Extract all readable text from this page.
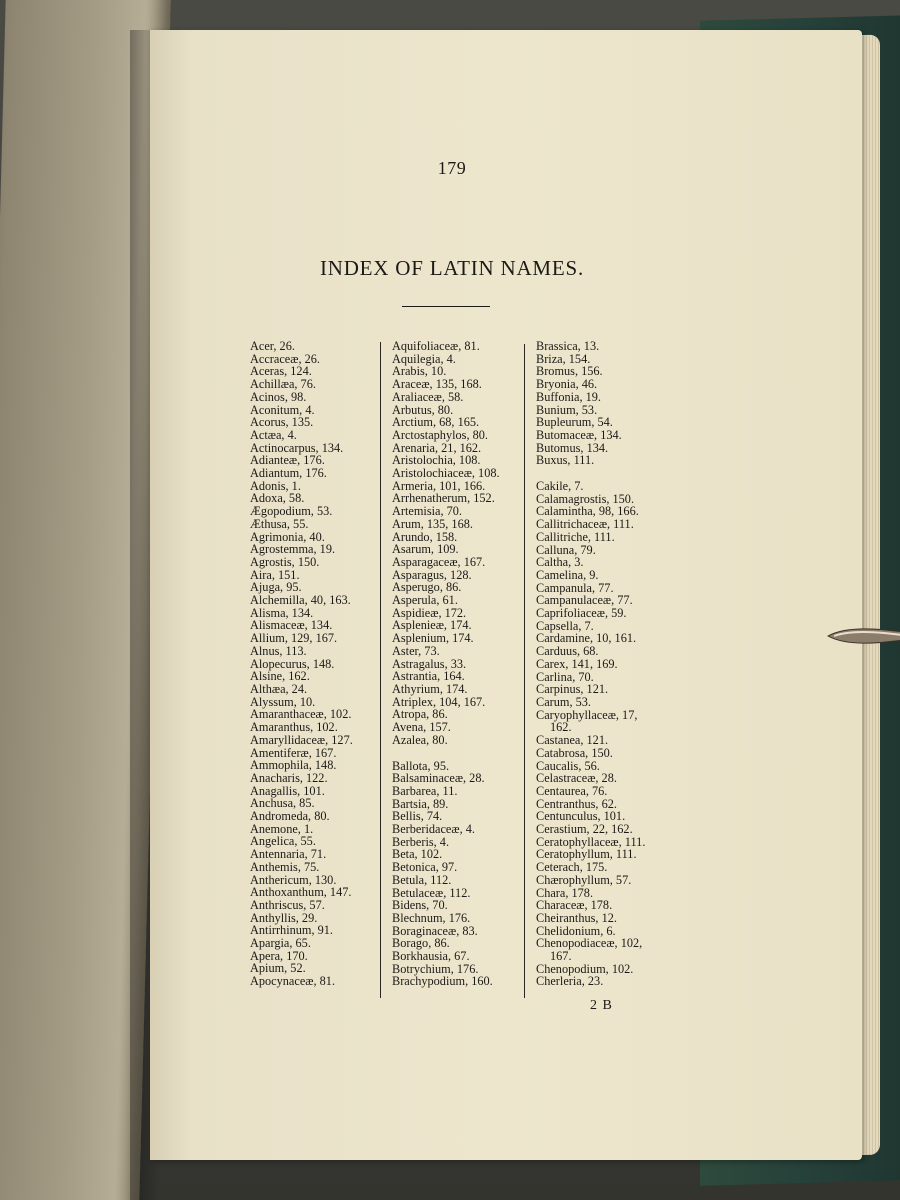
179
INDEX OF LATIN NAMES.
Acer, 26.
Accraceæ, 26.
Aceras, 124.
Achillæa, 76.
Acinos, 98.
Aconitum, 4.
Acorus, 135.
Actæa, 4.
Actinocarpus, 134.
Adianteæ, 176.
Adiantum, 176.
Adonis, 1.
Adoxa, 58.
Ægopodium, 53.
Æthusa, 55.
Agrimonia, 40.
Agrostemma, 19.
Agrostis, 150.
Aira, 151.
Ajuga, 95.
Alchemilla, 40, 163.
Alisma, 134.
Alismaceæ, 134.
Allium, 129, 167.
Alnus, 113.
Alopecurus, 148.
Alsine, 162.
Althæa, 24.
Alyssum, 10.
Amaranthaceæ, 102.
Amaranthus, 102.
Amaryllidaceæ, 127.
Amentiferæ, 167.
Ammophila, 148.
Anacharis, 122.
Anagallis, 101.
Anchusa, 85.
Andromeda, 80.
Anemone, 1.
Angelica, 55.
Antennaria, 71.
Anthemis, 75.
Anthericum, 130.
Anthoxanthum, 147.
Anthriscus, 57.
Anthyllis, 29.
Antirrhinum, 91.
Apargia, 65.
Apera, 170.
Apium, 52.
Apocynaceæ, 81.
Aquifoliaceæ, 81.
Aquilegia, 4.
Arabis, 10.
Araceæ, 135, 168.
Araliaceæ, 58.
Arbutus, 80.
Arctium, 68, 165.
Arctostaphylos, 80.
Arenaria, 21, 162.
Aristolochia, 108.
Aristolochiaceæ, 108.
Armeria, 101, 166.
Arrhenatherum, 152.
Artemisia, 70.
Arum, 135, 168.
Arundo, 158.
Asarum, 109.
Asparagaceæ, 167.
Asparagus, 128.
Asperugo, 86.
Asperula, 61.
Aspidieæ, 172.
Asplenieæ, 174.
Asplenium, 174.
Aster, 73.
Astragalus, 33.
Astrantia, 164.
Athyrium, 174.
Atriplex, 104, 167.
Atropa, 86.
Avena, 157.
Azalea, 80.
Ballota, 95.
Balsaminaceæ, 28.
Barbarea, 11.
Bartsia, 89.
Bellis, 74.
Berberidaceæ, 4.
Berberis, 4.
Beta, 102.
Betonica, 97.
Betula, 112.
Betulaceæ, 112.
Bidens, 70.
Blechnum, 176.
Boraginaceæ, 83.
Borago, 86.
Borkhausia, 67.
Botrychium, 176.
Brachypodium, 160.
Brassica, 13.
Briza, 154.
Bromus, 156.
Bryonia, 46.
Buffonia, 19.
Bunium, 53.
Bupleurum, 54.
Butomaceæ, 134.
Butomus, 134.
Buxus, 111.
Cakile, 7.
Calamagrostis, 150.
Calamintha, 98, 166.
Callitrichaceæ, 111.
Callitriche, 111.
Calluna, 79.
Caltha, 3.
Camelina, 9.
Campanula, 77.
Campanulaceæ, 77.
Caprifoliaceæ, 59.
Capsella, 7.
Cardamine, 10, 161.
Carduus, 68.
Carex, 141, 169.
Carlina, 70.
Carpinus, 121.
Carum, 53.
Caryophyllaceæ, 17,
162.
Castanea, 121.
Catabrosa, 150.
Caucalis, 56.
Celastraceæ, 28.
Centaurea, 76.
Centranthus, 62.
Centunculus, 101.
Cerastium, 22, 162.
Ceratophyllaceæ, 111.
Ceratophyllum, 111.
Ceterach, 175.
Chærophyllum, 57.
Chara, 178.
Characeæ, 178.
Cheiranthus, 12.
Chelidonium, 6.
Chenopodiaceæ, 102,
167.
Chenopodium, 102.
Cherleria, 23.
2 B
